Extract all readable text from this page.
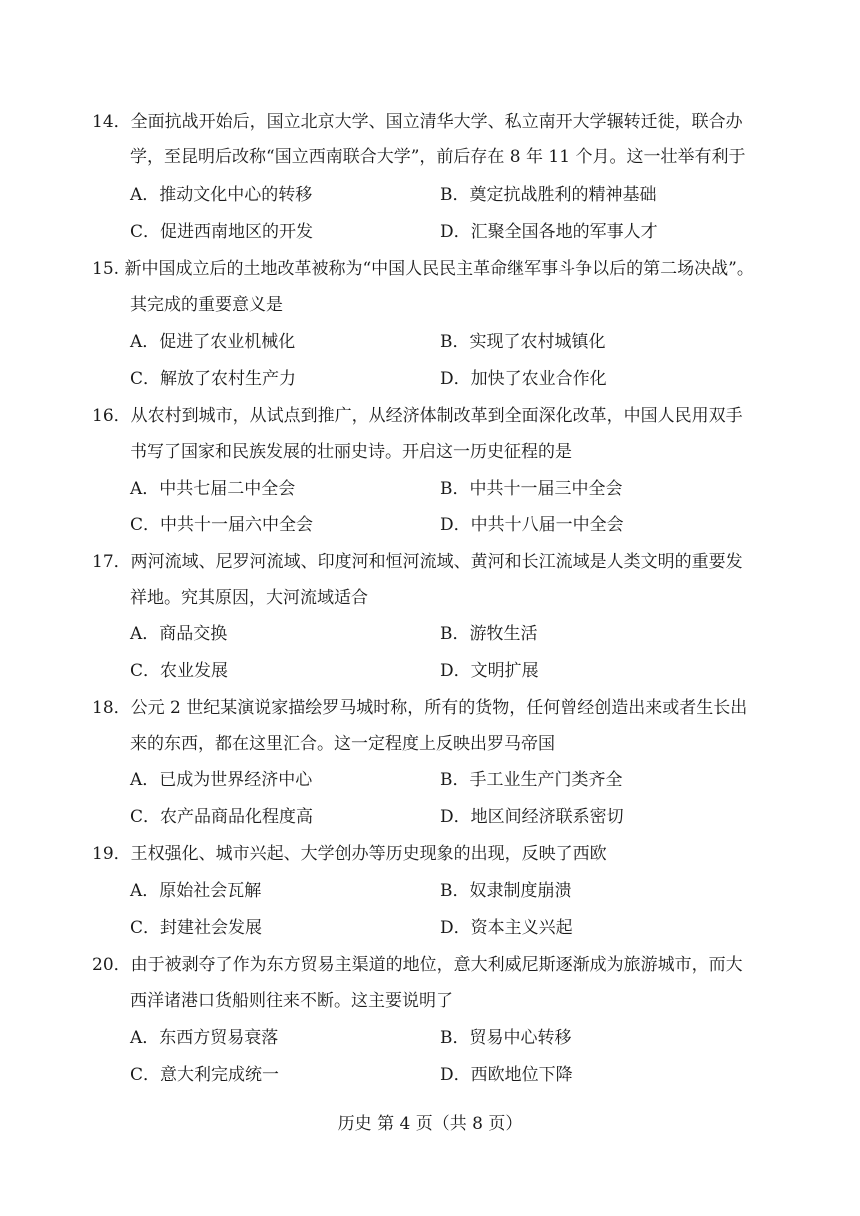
14．全面抗战开始后，国立北京大学、国立清华大学、私立南开大学辗转迁徙，联合办
学，至昆明后改称“国立西南联合大学”，前后存在 8 年 11 个月。这一壮举有利于
A．推动文化中心的转移	B．奠定抗战胜利的精神基础
C．促进西南地区的开发	D．汇聚全国各地的军事人才
15. 新中国成立后的土地改革被称为“中国人民民主革命继军事斗争以后的第二场决战”。
其完成的重要意义是
A．促进了农业机械化	B．实现了农村城镇化
C．解放了农村生产力	D．加快了农业合作化
16．从农村到城市，从试点到推广，从经济体制改革到全面深化改革，中国人民用双手
书写了国家和民族发展的壮丽史诗。开启这一历史征程的是
A．中共七届二中全会	B．中共十一届三中全会
C．中共十一届六中全会	D．中共十八届一中全会
17．两河流域、尼罗河流域、印度河和恒河流域、黄河和长江流域是人类文明的重要发
祥地。究其原因，大河流域适合
A．商品交换	B．游牧生活
C．农业发展	D．文明扩展
18．公元 2 世纪某演说家描绘罗马城时称，所有的货物，任何曾经创造出来或者生长出
来的东西，都在这里汇合。这一定程度上反映出罗马帝国
A．已成为世界经济中心	B．手工业生产门类齐全
C．农产品商品化程度高	D．地区间经济联系密切
19．王权强化、城市兴起、大学创办等历史现象的出现，反映了西欧
A．原始社会瓦解	B．奴隶制度崩溃
C．封建社会发展	D．资本主义兴起
20．由于被剥夺了作为东方贸易主渠道的地位，意大利威尼斯逐渐成为旅游城市，而大
西洋诸港口货船则往来不断。这主要说明了
A．东西方贸易衰落	B．贸易中心转移
C．意大利完成统一	D．西欧地位下降
历史 第 4 页（共 8 页）
